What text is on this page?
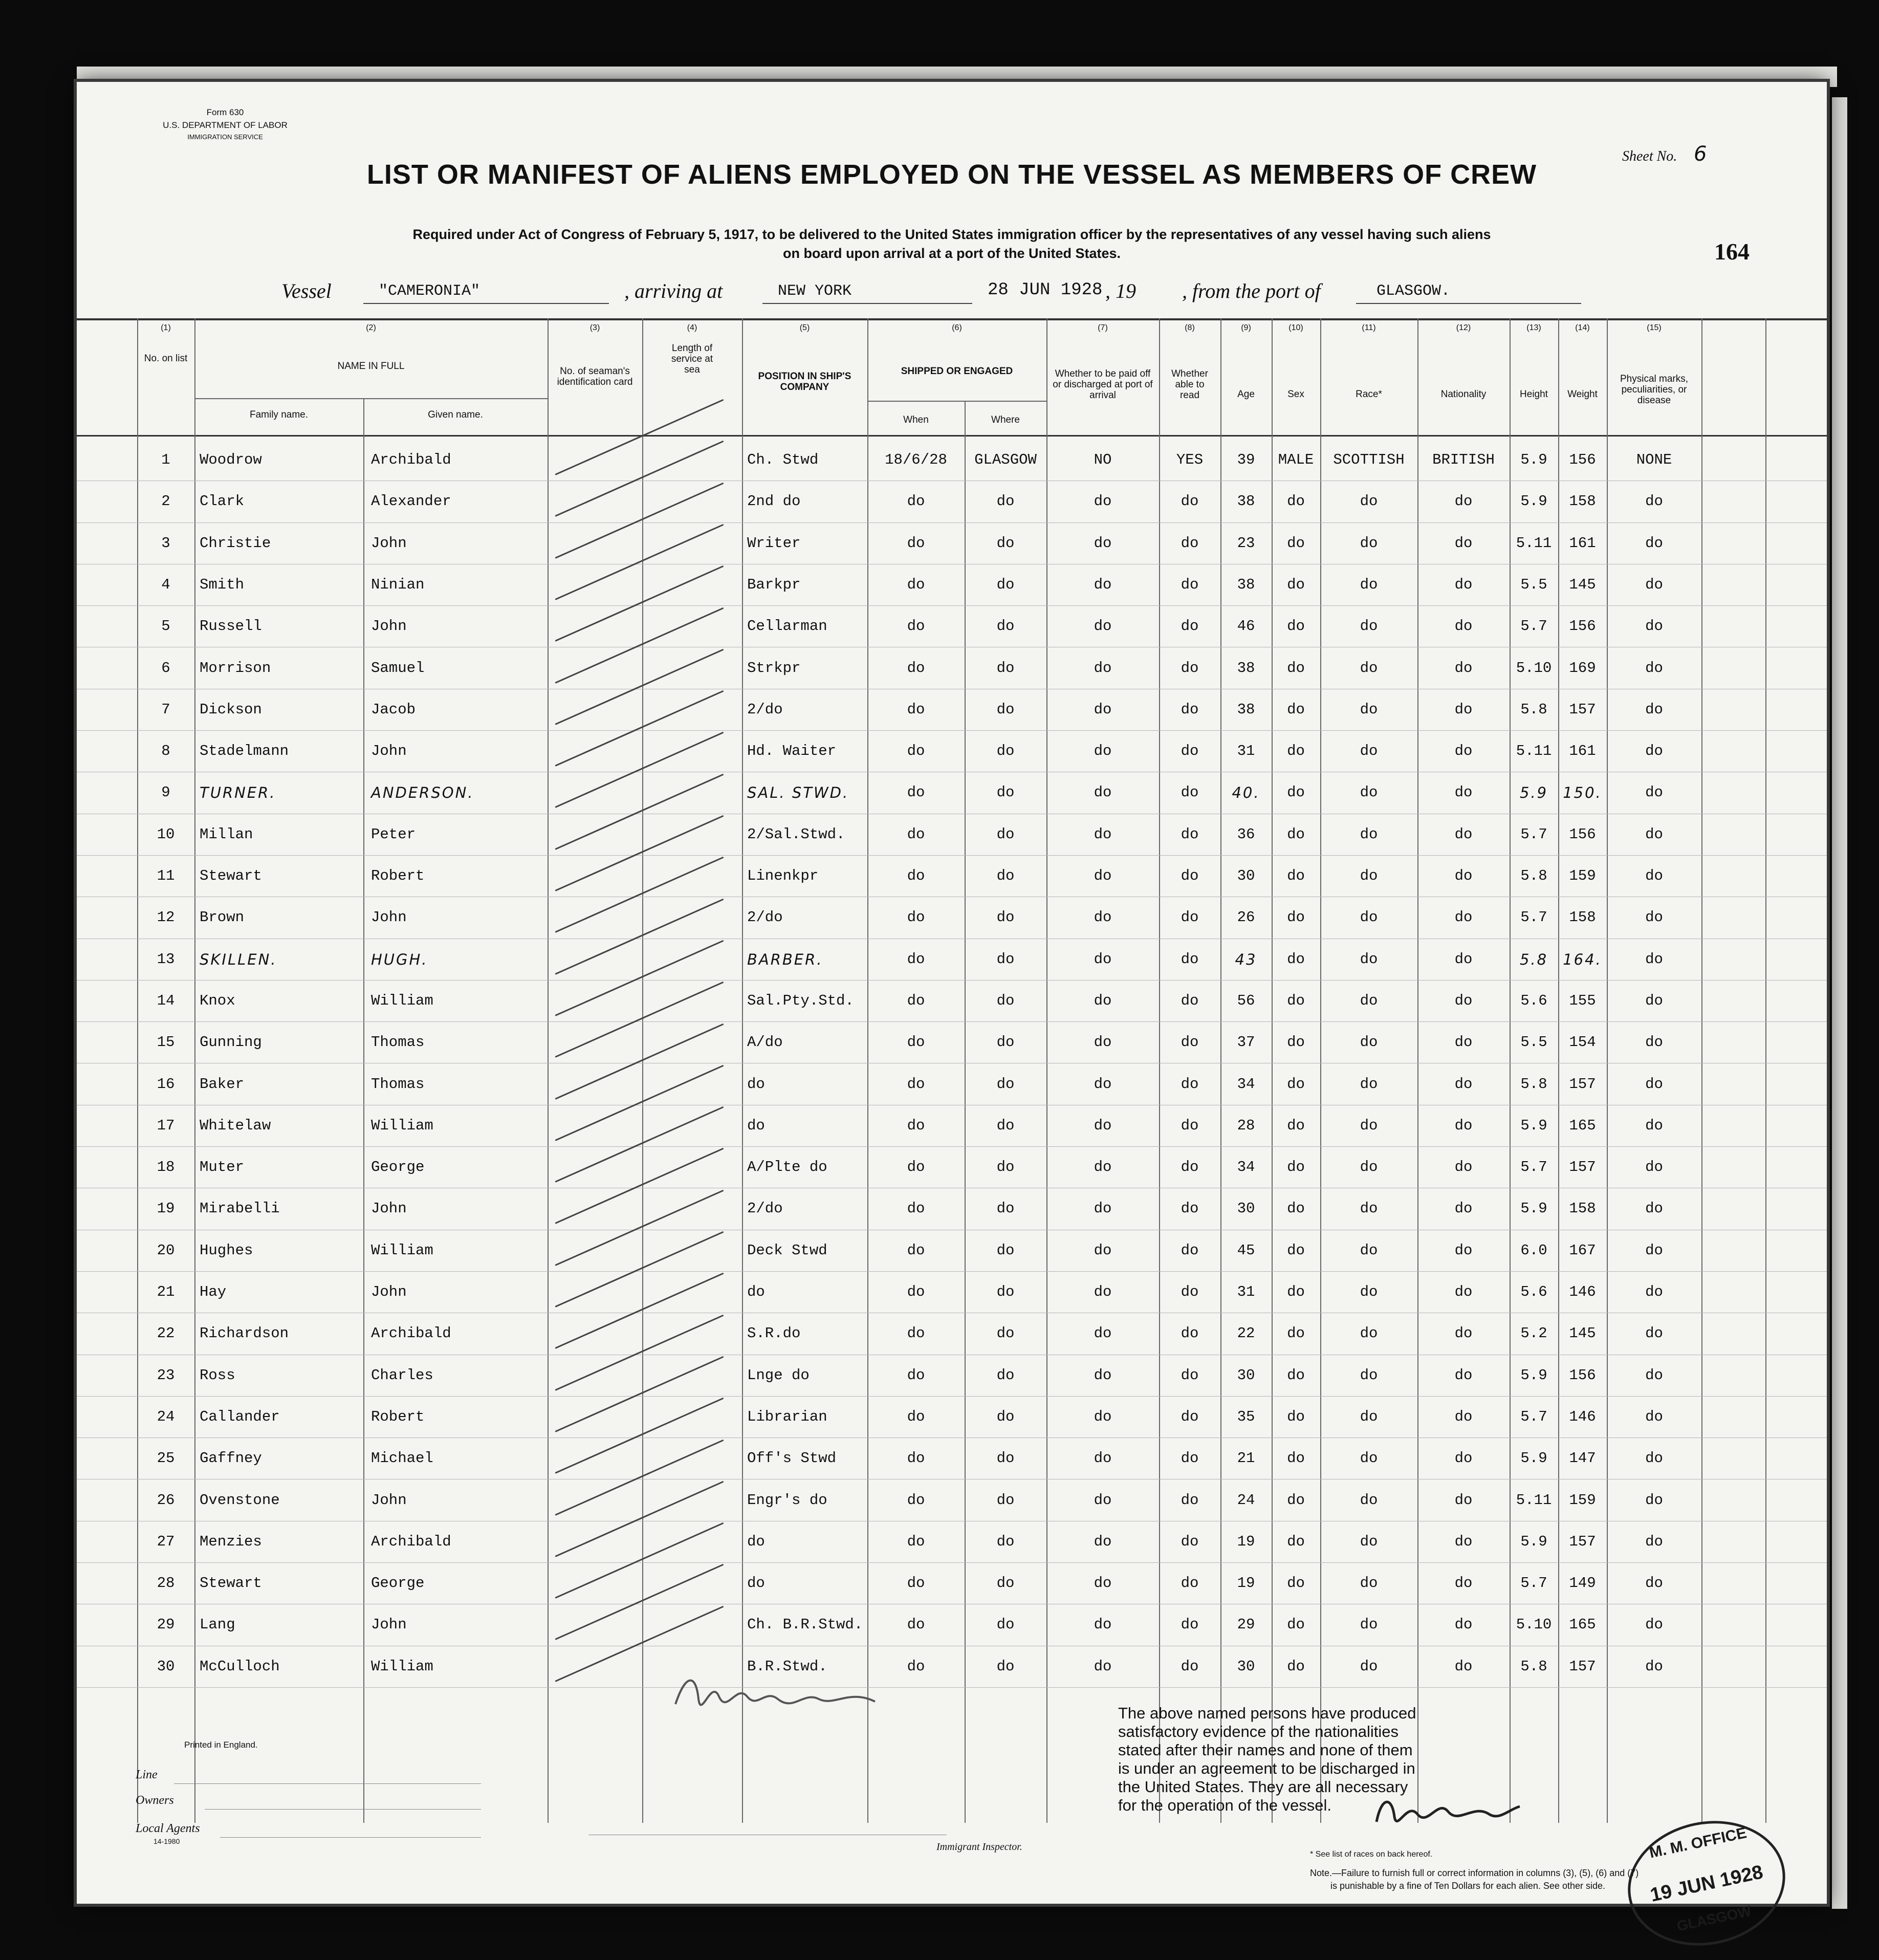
Form 630
U.S. DEPARTMENT OF LABOR
IMMIGRATION SERVICE
LIST OR MANIFEST OF ALIENS EMPLOYED ON THE VESSEL AS MEMBERS OF CREW
Required under Act of Congress of February 5, 1917, to be delivered to the United States immigration officer by the representatives of any vessel having such aliens
on board upon arrival at a port of the United States.
Sheet No. 6
164
Vessel	"CAMERONIA"	, arriving at	NEW YORK	28 JUN 1928 , 19 , from the port of	GLASGOW.
(1)
No. on list
(2)
NAME IN FULL
Family name.	Given name.
(3)
No. of seaman's identification card
(4)
Length of service at sea
(5)
POSITION IN SHIP'S COMPANY
(6)
SHIPPED OR ENGAGED
When	Where
(7)
Whether to be paid off or discharged at port of arrival
(8)
Whether able to read
(9)
Age
(10)
Sex
(11)
Race*
(12)
Nationality
(13)
Height
(14)
Weight
(15)
Physical marks, peculiarities, or disease
1	Woodrow	Archibald	Ch. Stwd	18/6/28	GLASGOW	NO	YES	39	MALE	SCOTTISH	BRITISH	5.9	156	NONE
2	Clark	Alexander	2nd do	do	do	do	do	38	do	do	do	5.9	158	do
3	Christie	John	Writer	do	do	do	do	23	do	do	do	5.11	161	do
4	Smith	Ninian	Barkpr	do	do	do	do	38	do	do	do	5.5	145	do
5	Russell	John	Cellarman	do	do	do	do	46	do	do	do	5.7	156	do
6	Morrison	Samuel	Strkpr	do	do	do	do	38	do	do	do	5.10	169	do
7	Dickson	Jacob	2/do	do	do	do	do	38	do	do	do	5.8	157	do
8	Stadelmann	John	Hd. Waiter	do	do	do	do	31	do	do	do	5.11	161	do
9	TURNER.	ANDERSON.	SAL. STWD.	do	do	do	do	40.	do	do	do	5.9	150.	do
10	Millan	Peter	2/Sal.Stwd.	do	do	do	do	36	do	do	do	5.7	156	do
11	Stewart	Robert	Linenkpr	do	do	do	do	30	do	do	do	5.8	159	do
12	Brown	John	2/do	do	do	do	do	26	do	do	do	5.7	158	do
13	SKILLEN.	HUGH.	BARBER.	do	do	do	do	43	do	do	do	5.8	164.	do
14	Knox	William	Sal.Pty.Std.	do	do	do	do	56	do	do	do	5.6	155	do
15	Gunning	Thomas	A/do	do	do	do	do	37	do	do	do	5.5	154	do
16	Baker	Thomas	do	do	do	do	do	34	do	do	do	5.8	157	do
17	Whitelaw	William	do	do	do	do	do	28	do	do	do	5.9	165	do
18	Muter	George	A/Plte do	do	do	do	do	34	do	do	do	5.7	157	do
19	Mirabelli	John	2/do	do	do	do	do	30	do	do	do	5.9	158	do
20	Hughes	William	Deck Stwd	do	do	do	do	45	do	do	do	6.0	167	do
21	Hay	John	do	do	do	do	do	31	do	do	do	5.6	146	do
22	Richardson	Archibald	S.R.do	do	do	do	do	22	do	do	do	5.2	145	do
23	Ross	Charles	Lnge do	do	do	do	do	30	do	do	do	5.9	156	do
24	Callander	Robert	Librarian	do	do	do	do	35	do	do	do	5.7	146	do
25	Gaffney	Michael	Off's Stwd	do	do	do	do	21	do	do	do	5.9	147	do
26	Ovenstone	John	Engr's do	do	do	do	do	24	do	do	do	5.11	159	do
27	Menzies	Archibald	do	do	do	do	do	19	do	do	do	5.9	157	do
28	Stewart	George	do	do	do	do	do	19	do	do	do	5.7	149	do
29	Lang	John	Ch. B.R.Stwd.	do	do	do	do	29	do	do	do	5.10	165	do
30	McCulloch	William	B.R.Stwd.	do	do	do	do	30	do	do	do	5.8	157	do
Printed in England.
Line
Owners
Local Agents
14-1980	Immigrant Inspector.
The above named persons have produced
satisfactory evidence of the nationalities
stated after their names and none of them
is under an agreement to be discharged in
the United States. They are all necessary
for the operation of the vessel.
M. M. OFFICE
19 JUN 1928
GLASGOW
* See list of races on back hereof.
Note.—Failure to furnish full or correct information in columns (3), (5), (6) and (7)
is punishable by a fine of Ten Dollars for each alien. See other side.
